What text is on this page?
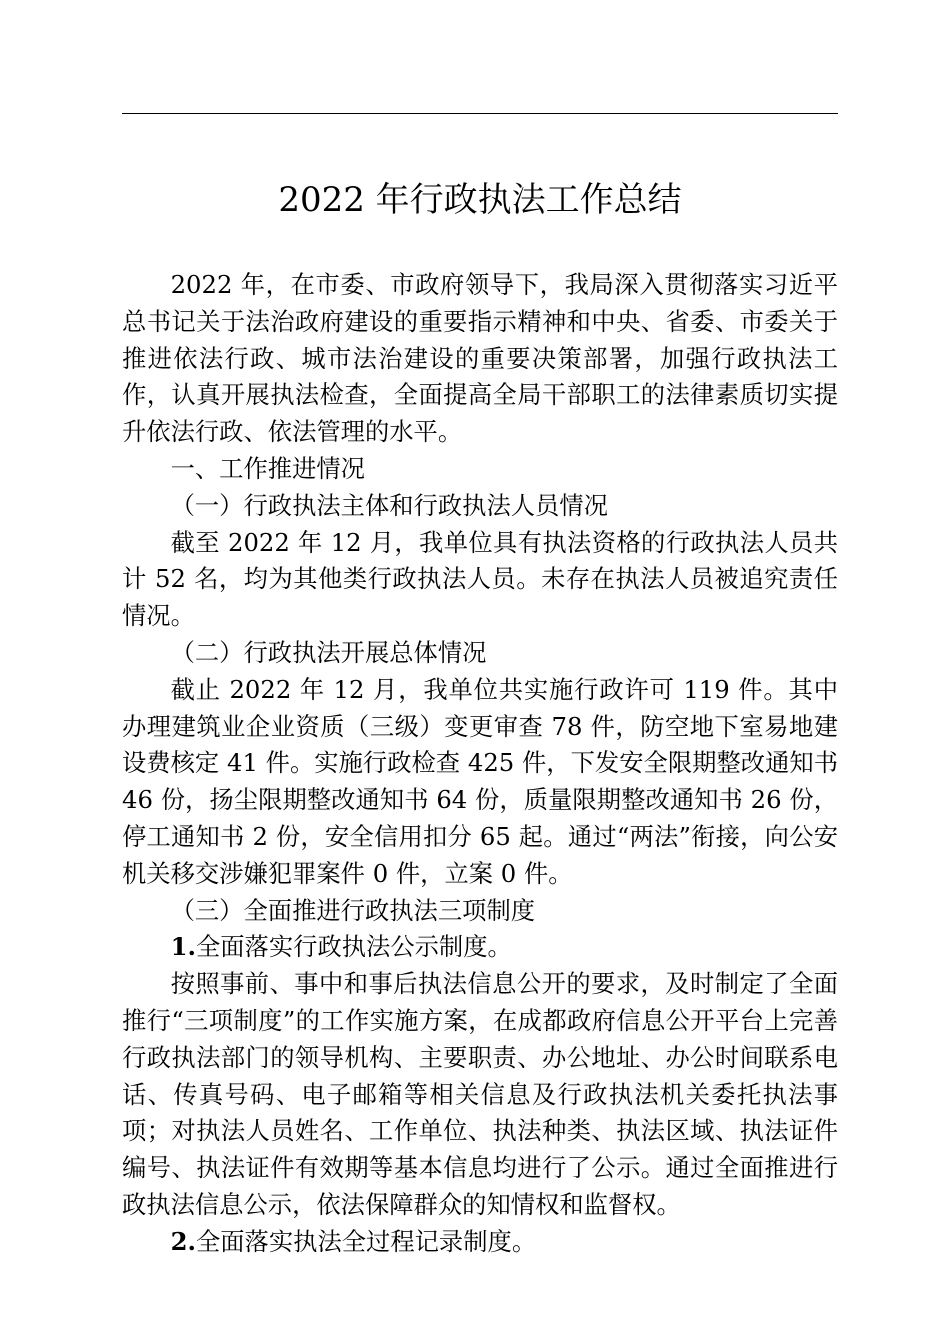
2022 年行政执法工作总结

2022 年，在市委、市政府领导下，我局深入贯彻落实习近平总书记关于法治政府建设的重要指示精神和中央、省委、市委关于推进依法行政、城市法治建设的重要决策部署，加强行政执法工作，认真开展执法检查，全面提高全局干部职工的法律素质切实提升依法行政、依法管理的水平。

一、工作推进情况

（一）行政执法主体和行政执法人员情况

截至 2022 年 12 月，我单位具有执法资格的行政执法人员共计 52 名，均为其他类行政执法人员。未存在执法人员被追究责任情况。

（二）行政执法开展总体情况

截止 2022 年 12 月，我单位共实施行政许可 119 件。其中办理建筑业企业资质（三级）变更审查 78 件，防空地下室易地建设费核定 41 件。实施行政检查 425 件，下发安全限期整改通知书 46 份，扬尘限期整改通知书 64 份，质量限期整改通知书 26 份，停工通知书 2 份，安全信用扣分 65 起。通过“两法”衔接，向公安机关移交涉嫌犯罪案件 0 件，立案 0 件。

（三）全面推进行政执法三项制度

1.全面落实行政执法公示制度。

按照事前、事中和事后执法信息公开的要求，及时制定了全面推行“三项制度”的工作实施方案，在成都政府信息公开平台上完善行政执法部门的领导机构、主要职责、办公地址、办公时间联系电话、传真号码、电子邮箱等相关信息及行政执法机关委托执法事项；对执法人员姓名、工作单位、执法种类、执法区域、执法证件编号、执法证件有效期等基本信息均进行了公示。通过全面推进行政执法信息公示，依法保障群众的知情权和监督权。

2.全面落实执法全过程记录制度。
